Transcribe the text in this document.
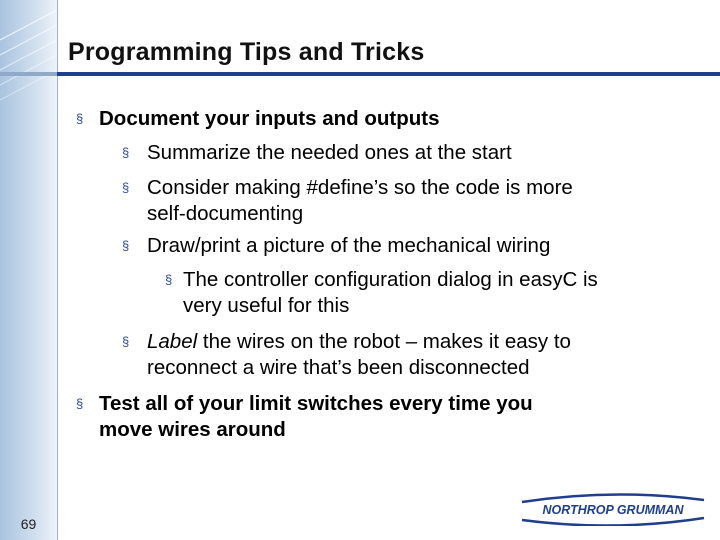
69
Programming Tips and Tricks
§ Document your inputs and outputs
§ Summarize the needed ones at the start
§ Consider making #define’s so the code is more
self-documenting
§ Draw/print a picture of the mechanical wiring
§ The controller configuration dialog in easyC is
very useful for this
§ Label the wires on the robot – makes it easy to
reconnect a wire that’s been disconnected
§ Test all of your limit switches every time you
move wires around
NORTHROP GRUMMAN
